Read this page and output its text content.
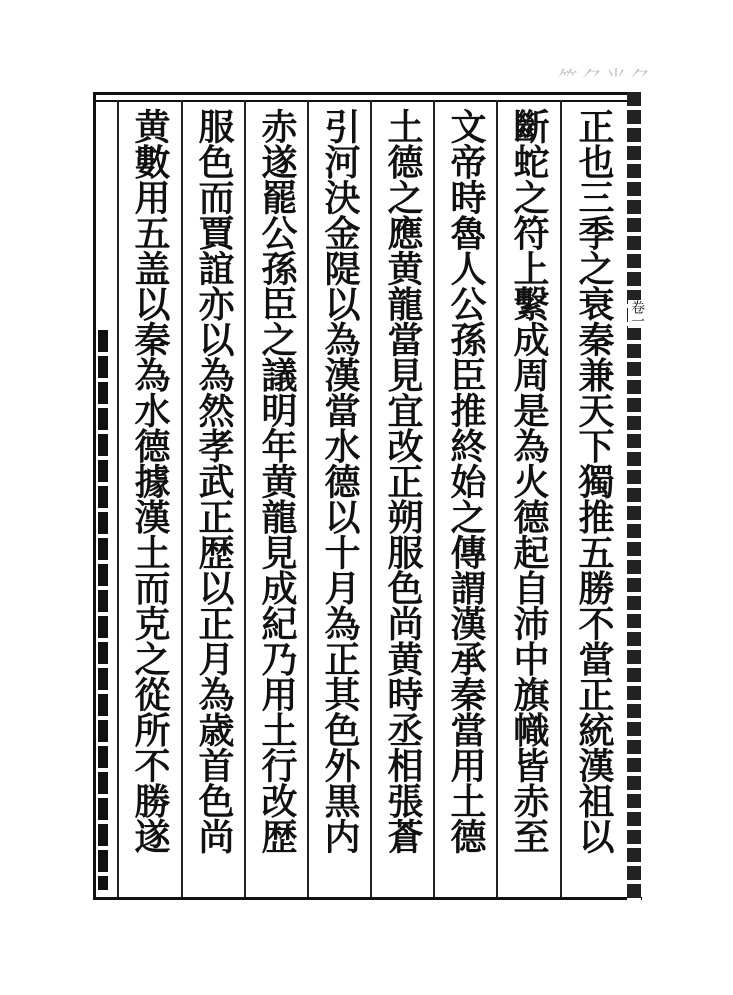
⺮⺈⺌⺈
正也三季之衰秦兼天下獨推五勝不當正統漢祖以
斷蛇之符上繫成周是為火德起自沛中旗幟皆赤至
文帝時魯人公孫臣推終始之傳謂漢承秦當用土德
土德之應黄龍當見宜改正朔服色尚黄時丞相張蒼
引河決金隄以為漢當水德以十月為正其色外黒内
赤遂罷公孫臣之議明年黄龍見成紀乃用土行改歴
服色而賈誼亦以為然孝武正歴以正月為歳首色尚
黄數用五盖以秦為水德據漢土而克之從所不勝遂	卷一
